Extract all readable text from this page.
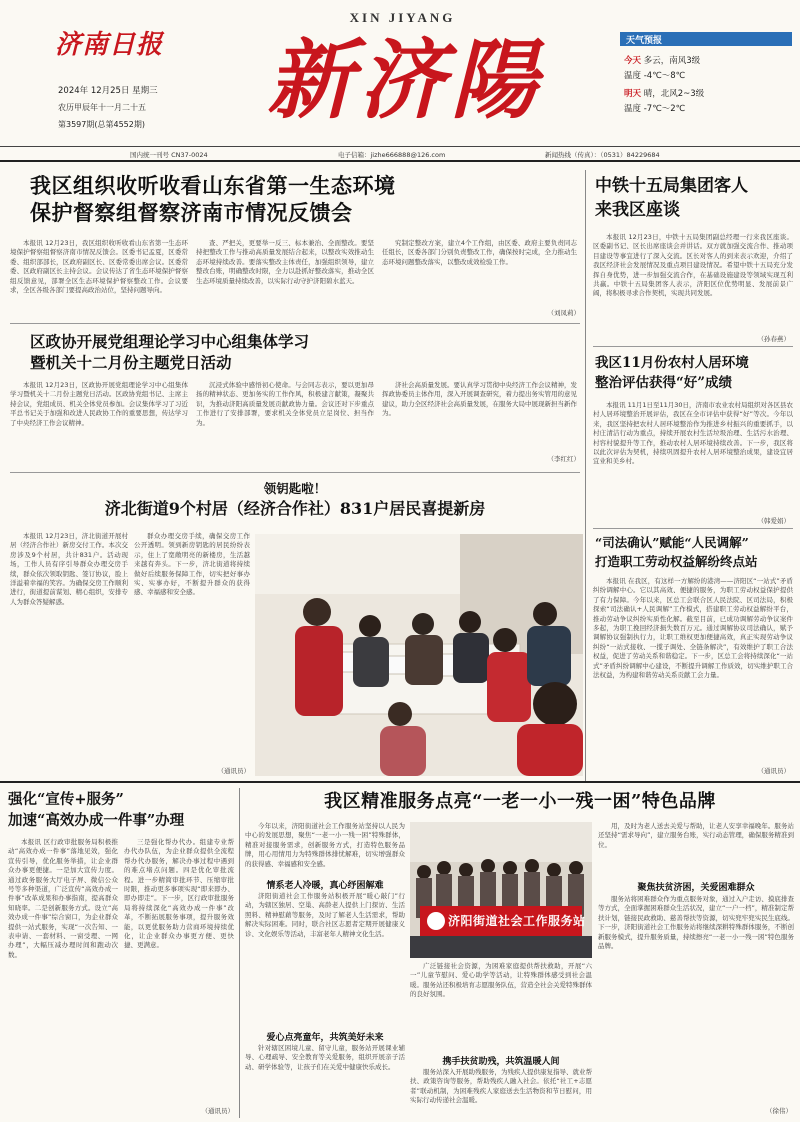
济南日报
2024年 12月25日 星期三
农历甲辰年十一月二十五
第3597期(总第4552期)
XIN JIYANG
新济陽	天气预报
今天 多云，南风3级
温度 -4℃～8℃
明天 晴，北风2~3级
温度 -7℃～2℃
国内统一刊号 CN37-0024	电子信箱：jizhe666888@126.com	新闻热线（传真）：（0531）84229684
我区组织收听收看山东省第一生态环境
保护督察组督察济南市情况反馈会

本报讯 12月23日，我区组织收听收看山东省第一生态环境保护督察组督察济南市情况反馈会。区委书记孟夏，区委常委、组织部部长，区政府副区长、区委常委出席会议。区委常委、区政府副区长主持会议。会议传达了省生态环境保护督察组反馈意见，部署全区生态环境保护督察整改工作。会议要求，全区各级各部门要提高政治站位，坚持问题导向。

查、严把关，更要举一反三、标本兼治、全面整改。要坚持把整改工作与推动高质量发展结合起来，以整改实效推动生态环境持续改善。要落实整改主体责任，加强组织领导，建立整改台账，明确整改时限，全力以赴抓好整改落实，推动全区生态环境质量持续改善，以实际行动守护济阳碧水蓝天。

究制定整改方案，建立4个工作组，由区委、政府主要负责同志任组长，区委各部门分别负责整改工作，确保按时完成，全力推动生态环境问题整改落实，以整改成效检验工作。

（刘凤莉）
区政协开展党组理论学习中心组集体学习
暨机关十二月份主题党日活动

本报讯 12月23日，区政协开展党组理论学习中心组集体学习暨机关十二月份主题党日活动。区政协党组书记、主席主持会议，党组成员、机关全体党员参加。会议集体学习了习近平总书记关于加强和改进人民政协工作的重要思想，传达学习了中央经济工作会议精神。

沉浸式体验中感悟初心使命。与会同志表示，要以更加昂扬的精神状态、更加务实的工作作风，积极建言献策，凝聚共识，为推动济阳高质量发展贡献政协力量。会议还对下步重点工作进行了安排部署，要求机关全体党员立足岗位、担当作为。

济社会高质量发展。要认真学习贯彻中央经济工作会议精神，发挥政协委员主体作用，深入开展调查研究，着力提出务实管用的意见建议，助力全区经济社会高质量发展，在服务大局中展现新担当新作为。

（李红红）
领钥匙啦！
济北街道9个村居（经济合作社）831户居民喜提新房

本报讯 12月23日，济北街道开展村居（经济合作社）新房交付工作。本次交房涉及9个村居，共计831户。活动现场，工作人员有序引导群众办理交房手续，群众依次领取钥匙、签订协议，脸上洋溢着幸福的笑容。为确保交房工作顺利进行，街道提前谋划、精心组织，安排专人为群众答疑解惑。

群众办理交房手续，确保交房工作公开透明。领到新房钥匙的居民纷纷表示，住上了宽敞明亮的新楼房，生活越来越有奔头。下一步，济北街道将持续做好后续服务保障工作，切实把好事办实、实事办好，不断提升群众的获得感、幸福感和安全感。

（通讯员）
中铁十五局集团客人
来我区座谈

本报讯 12月23日，中铁十五局集团副总经理一行来我区座谈。区委副书记、区长出席座谈会并讲话。双方就加强交流合作、推动项目建设等事宜进行了深入交流。区长对客人的到来表示欢迎，介绍了我区经济社会发展情况及重点项目建设情况。希望中铁十五局充分发挥自身优势，进一步加强交流合作，在基础设施建设等领域实现互利共赢。中铁十五局集团客人表示，济阳区位优势明显、发展前景广阔，将积极寻求合作契机，实现共同发展。

（孙春燕）
我区11月份农村人居环境
整治评估获得“好”成绩

本报讯 11月1日至11月30日，济南市农业农村局组织对各区县农村人居环境整治开展评估，我区在全市评估中获得“好”等次。今年以来，我区坚持把农村人居环境整治作为推进乡村振兴的重要抓手，以村庄清洁行动为重点，持续开展农村生活垃圾治理、生活污水治理、村容村貌提升等工作，推动农村人居环境持续改善。下一步，我区将以此次评估为契机，持续巩固提升农村人居环境整治成果，建设宜居宜业和美乡村。

（韩爱娟）
“司法确认”赋能“人民调解”
打造职工劳动权益解纷终点站

本报讯 在我区，有这样一方解纷的港湾——济阳区“一站式”矛盾纠纷调解中心。它以其高效、便捷的服务，为职工劳动权益保护提供了有力保障。今年以来，区总工会联合区人民法院、区司法局，积极探索“司法确认+人民调解”工作模式，搭建职工劳动权益解纷平台，推动劳动争议纠纷实质性化解。截至目前，已成功调解劳动争议案件多起，为职工挽回经济损失数百万元。通过调解协议司法确认，赋予调解协议强制执行力，让职工维权更加便捷高效，真正实现劳动争议纠纷“一站式接收、一揽子调处、全链条解决”，有效维护了职工合法权益，促进了劳动关系和谐稳定。下一步，区总工会将持续深化“一站式”矛盾纠纷调解中心建设，不断提升调解工作质效，切实维护职工合法权益，为构建和谐劳动关系贡献工会力量。

（通讯员）
强化“宣传+服务”
加速“高效办成一件事”办理

本报讯 区行政审批服务局积极推动“高效办成一件事”落地见效，强化宣传引导，优化服务举措，让企业群众办事更便捷。一是加大宣传力度。通过政务服务大厅电子屏、微信公众号等多种渠道，广泛宣传“高效办成一件事”改革成果和办事指南，提高群众知晓率。二是创新服务方式。设立“高效办成一件事”综合窗口，为企业群众提供一站式服务，实现“一次告知、一表申请、一套材料、一窗受理、一网办理”，大幅压减办理时间和跑动次数。

三是强化帮办代办。组建专业帮办代办队伍，为企业群众提供全流程帮办代办服务，解决办事过程中遇到的难点堵点问题。四是优化审批流程。进一步精简审批环节、压缩审批时限，推动更多事项实现“即来即办、即办即走”。下一步，区行政审批服务局将持续深化“高效办成一件事”改革，不断拓展服务事项，提升服务效能，以更优服务助力营商环境持续优化，让企业群众办事更方便、更快捷、更满意。

（通讯员）
我区精准服务点亮“一老一小一残一困”特色品牌

今年以来，济阳街道社会工作服务站坚持以人民为中心的发展思想，聚焦“一老一小一残一困”特殊群体，精准对接服务需求，创新服务方式，打造特色服务品牌，用心用情用力为特殊群体排忧解难，切实增强群众的获得感、幸福感和安全感。

情系老人冷暖，真心纾困解难

济阳街道社会工作服务站积极开展“暖心敲门”行动，为辖区独居、空巢、高龄老人提供上门探访、生活照料、精神慰藉等服务，及时了解老人生活需求，帮助解决实际困难。同时，联合社区志愿者定期开展健康义诊、文化娱乐等活动，丰富老年人精神文化生活。

爱心点亮童年，共筑美好未来

针对辖区困境儿童、留守儿童，服务站开展课业辅导、心理疏导、安全教育等关爱服务，组织开展亲子活动、研学体验等，让孩子们在关爱中健康快乐成长。

济阳街道社会工作服务站

广泛链接社会资源，为困难家庭提供帮扶救助，开展“六一”儿童节慰问、爱心助学等活动，让特殊群体感受到社会温暖。服务站还积极培育志愿服务队伍，营造全社会关爱特殊群体的良好氛围。

携手扶贫助残，共筑温暖人间

服务站深入开展助残服务，为残疾人提供康复指导、就业帮扶、政策咨询等服务，帮助残疾人融入社会。依托“社工+志愿者”联动机制，为困难残疾人家庭送去生活物资和节日慰问，用实际行动传递社会温暖。

用，及时为老人送去关爱与帮助，让老人安享幸福晚年。服务站还坚持“需求导向”，建立服务台账，实行动态管理，确保服务精准到位。

聚焦扶贫济困，关爱困难群众

服务站将困难群众作为重点服务对象，通过入户走访、摸底排查等方式，全面掌握困难群众生活状况，建立“一户一档”，精准制定帮扶计划，链接民政救助、慈善帮扶等资源，切实兜牢兜实民生底线。下一步，济阳街道社会工作服务站将继续深耕特殊群体服务，不断创新服务模式，提升服务质量，持续擦亮“一老一小一残一困”特色服务品牌。

（徐伟）
